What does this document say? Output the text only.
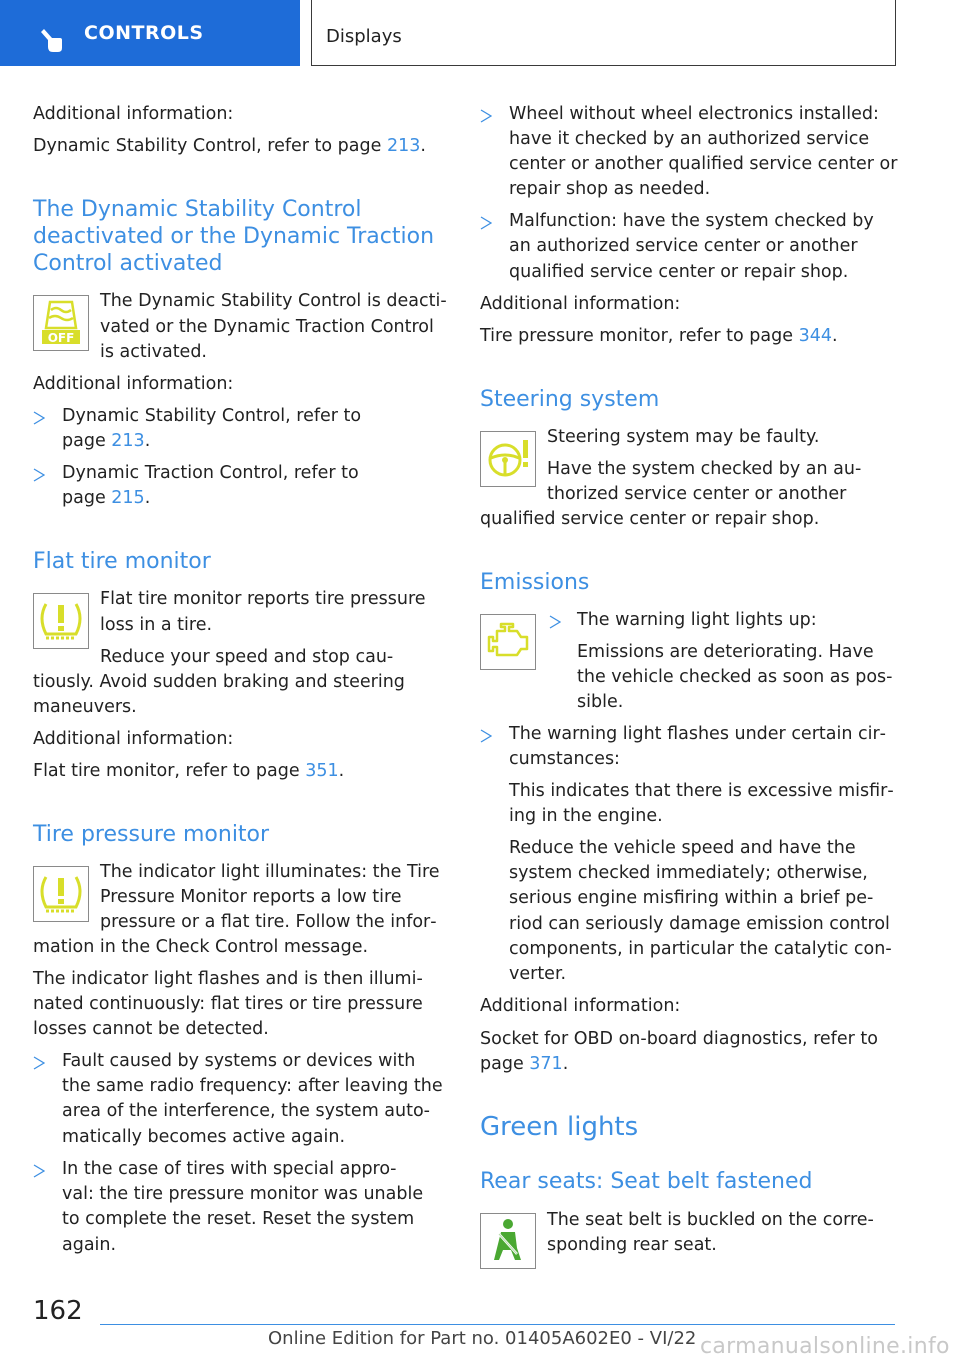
CONTROLS	Displays
Additional information:
Dynamic Stability Control, refer to page 213.
The Dynamic Stability Control
deactivated or the Dynamic Traction
Control activated
OFF
The Dynamic Stability Control is deacti‐
vated or the Dynamic Traction Control
is activated.
Additional information:
Dynamic Stability Control, refer to
page 213.
Dynamic Traction Control, refer to
page 215.
Flat tire monitor
Flat tire monitor reports tire pressure
loss in a tire.
Reduce your speed and stop cau‐
tiously. Avoid sudden braking and steering
maneuvers.
Additional information:
Flat tire monitor, refer to page 351.
Tire pressure monitor
The indicator light illuminates: the Tire
Pressure Monitor reports a low tire
pressure or a flat tire. Follow the infor‐
mation in the Check Control message.
The indicator light flashes and is then illumi‐
nated continuously: flat tires or tire pressure
losses cannot be detected.
Fault caused by systems or devices with
the same radio frequency: after leaving the
area of the interference, the system auto‐
matically becomes active again.
In the case of tires with special appro‐
val: the tire pressure monitor was unable
to complete the reset. Reset the system
again.
Wheel without wheel electronics installed:
have it checked by an authorized service
center or another qualified service center or
repair shop as needed.
Malfunction: have the system checked by
an authorized service center or another
qualified service center or repair shop.
Additional information:
Tire pressure monitor, refer to page 344.
Steering system
Steering system may be faulty.
Have the system checked by an au‐
thorized service center or another
qualified service center or repair shop.
Emissions
The warning light lights up:
Emissions are deteriorating. Have
the vehicle checked as soon as pos‐
sible.
The warning light flashes under certain cir‐
cumstances:
This indicates that there is excessive misfir‐
ing in the engine.
Reduce the vehicle speed and have the
system checked immediately; otherwise,
serious engine misfiring within a brief pe‐
riod can seriously damage emission control
components, in particular the catalytic con‐
verter.
Additional information:
Socket for OBD on-board diagnostics, refer to
page 371.
Green lights
Rear seats: Seat belt fastened
The seat belt is buckled on the corre‐
sponding rear seat.
162
Online Edition for Part no. 01405A602E0 - VI/22 carmanualsonline.info
